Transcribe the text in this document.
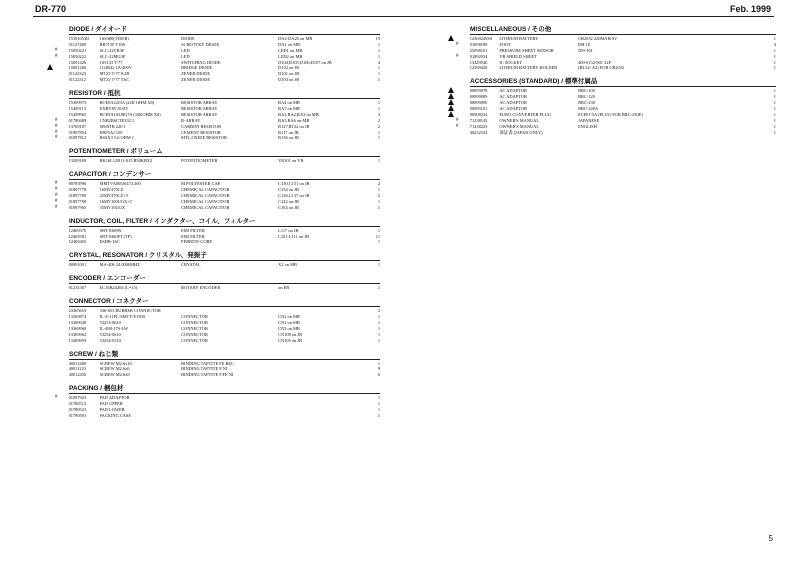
DR-770	Feb. 1999
DIODE / ダイオード
15391053D	1SS380(TE85R)	DIODE	DA2-DA20 on MB	19
01127489	RB715F T106	SCHOTTKY DIODE	DA1 on MB	1
#	15050221	SLC-22VR3F	LED	LED1 on MB	1
#	15050222	SLC-22MG3F	LED	LED2 on MB	1
15091426	1SS133 T-77	SWITCHING DIODE	D104,D105,D106,D107 on JB	4
15081260	1G4B42 1A/400V	BRIDGE DIODE	D102 on JB	1
01122323	MTZJ T-77 8.2B	ZENER DIODE	D101 on JB	1
01122312	MTZJ T-77 5.6C	ZENER DIODE	D103 on JB	1
RESISTOR / 抵抗
15309975	RCE9A22J3A (22K OHM X8)	RESISTOR ARRAY	RA4 on MB	1
15409113	EXBV8V103JV	RESISTOR ARRAY	RA7 on MB	1
15309965	RCE9A103J8G7A (10KOHM X8)	RESISTOR ARRAY	RA1,RA2,RA3 on MB	3
#	01780489	CNB2B6CTE332 J	R-ARRAY	RA5,RA6 on MB	2
#	13769187	SR/BTR 220 J	CARBON RESISTOR	R127,R132 on JB	2
#	01897854	ERF5AJ 150	CEMENT RESISTOR	R117 on JB	1
#	01897812	RSSX3 5.6 OHM J	MTL.OXIDE RESISTOR	R136 on JB	1
POTENTIOMETER / ボリューム
13209189	RK16L12B11-015 B50KBX2	POTENTIOMETER	VR101 on VB	1
CAPACITOR / コンデンサー
#	00783990	MMTVA005J0474 200	M.POLYESTER CAP.	C150,C151 on JB	2
#	01807778	16MV470CZ	CHEMICAL CAPACITOR	C154 on JB	1
#	01897789	25MV470CZ+T	CHEMICAL CAPACITOR	C136,C137 on JB	2
#	01897790	16MV100UGX+T	CHEMICAL CAPACITOR	C142 on JB	1
#	01897965	35MV10UGX	CHEMICAL CAPACITOR	C163 on JB	1
INDUCTOR, COIL, FILTER / インダクター、コイル、フィルター
12469370	SBT-0360W	EMI FILTER	L117 on JB	1
12469381	SBT-0460FT (TP)	EMI FILTER	L101-L111 on JB	11
12469465	ESDR-16C	FERRITE-CORE	1
CRYSTAL, RESONATOR / クリスタル、発振子
00801001	MA-406 24.0000MHZ	CRYSTAL	X1 on MB	1
ENCODER / エンコーダー
01231367	EC16B24204 (L=15)	ROTARY ENCODER	on EB	1
CONNECTOR / コネクター
23365653	336-653 RUBBER CONNECTOR	2
13369874	IL-Z-11PL-SMTY-E1500	CONNECTOR	CN2 on MB	1
13369928	53253-0610	CONNECTOR	CN1 on MB	1
13369968	IL-408-17S-LW	CONNECTOR	CN3 on MB	1
13369962	53254-0610	CONNECTOR	CN108 on JB	1
13369959	53254-0310	CONNECTOR	CN105 on JB	1
SCREW / ねじ類
40012489	SCREW M2.6x10	BINDING TAPTITE FE BZC	1
40011223	SCREW M2.6x6	BINDING TAPTITE P NI	9
40012456	SCREW M2.6x8	BINDING TAPTITE P FE NI	6
PACKING / 梱包材
#	01897923	PAD ADAPTOR	1
01780512	PAD UPPER	1
01780523	PAD LOWER	1
01780501	PACKING CASE	1
MISCELLANEOUS / その他
12369249S0	LITHIUM BATTERY	CR2032 220MAH/3V	1
#	01898189	FOOT	DH 18	4
25098101	PRESSURE SHEET SENSOR	509-101	1
#	01892034	VR SHIELD SHEET	1
13429546	IC SOCKET	400-0132-001 32P	1
12569420	LITHIUM BATTERY HOLDER	(BL32~A2) FOR CR2032	1
ACCESSORIES (STANDARD) / 標準付属品
00899078	AC ADAPTOR	BRC-100	1
00899089	AC ADAPTOR	BRC-120	1
00899090	AC ADAPTOR	BRC-230	1
00899101	AC ADAPTOR	BRC-240A	1
00908234	EURO CONVERTER PLUG	ECP01-5A (PLUG FOR BRC-230E)	1
#	71238145	OWNER'S MANUAL	JAPANESE	1
#	71238223	OWNER'S MANUAL	ENGLISH	1
40232334	保証書 (JAPAN ONLY)	1
5
